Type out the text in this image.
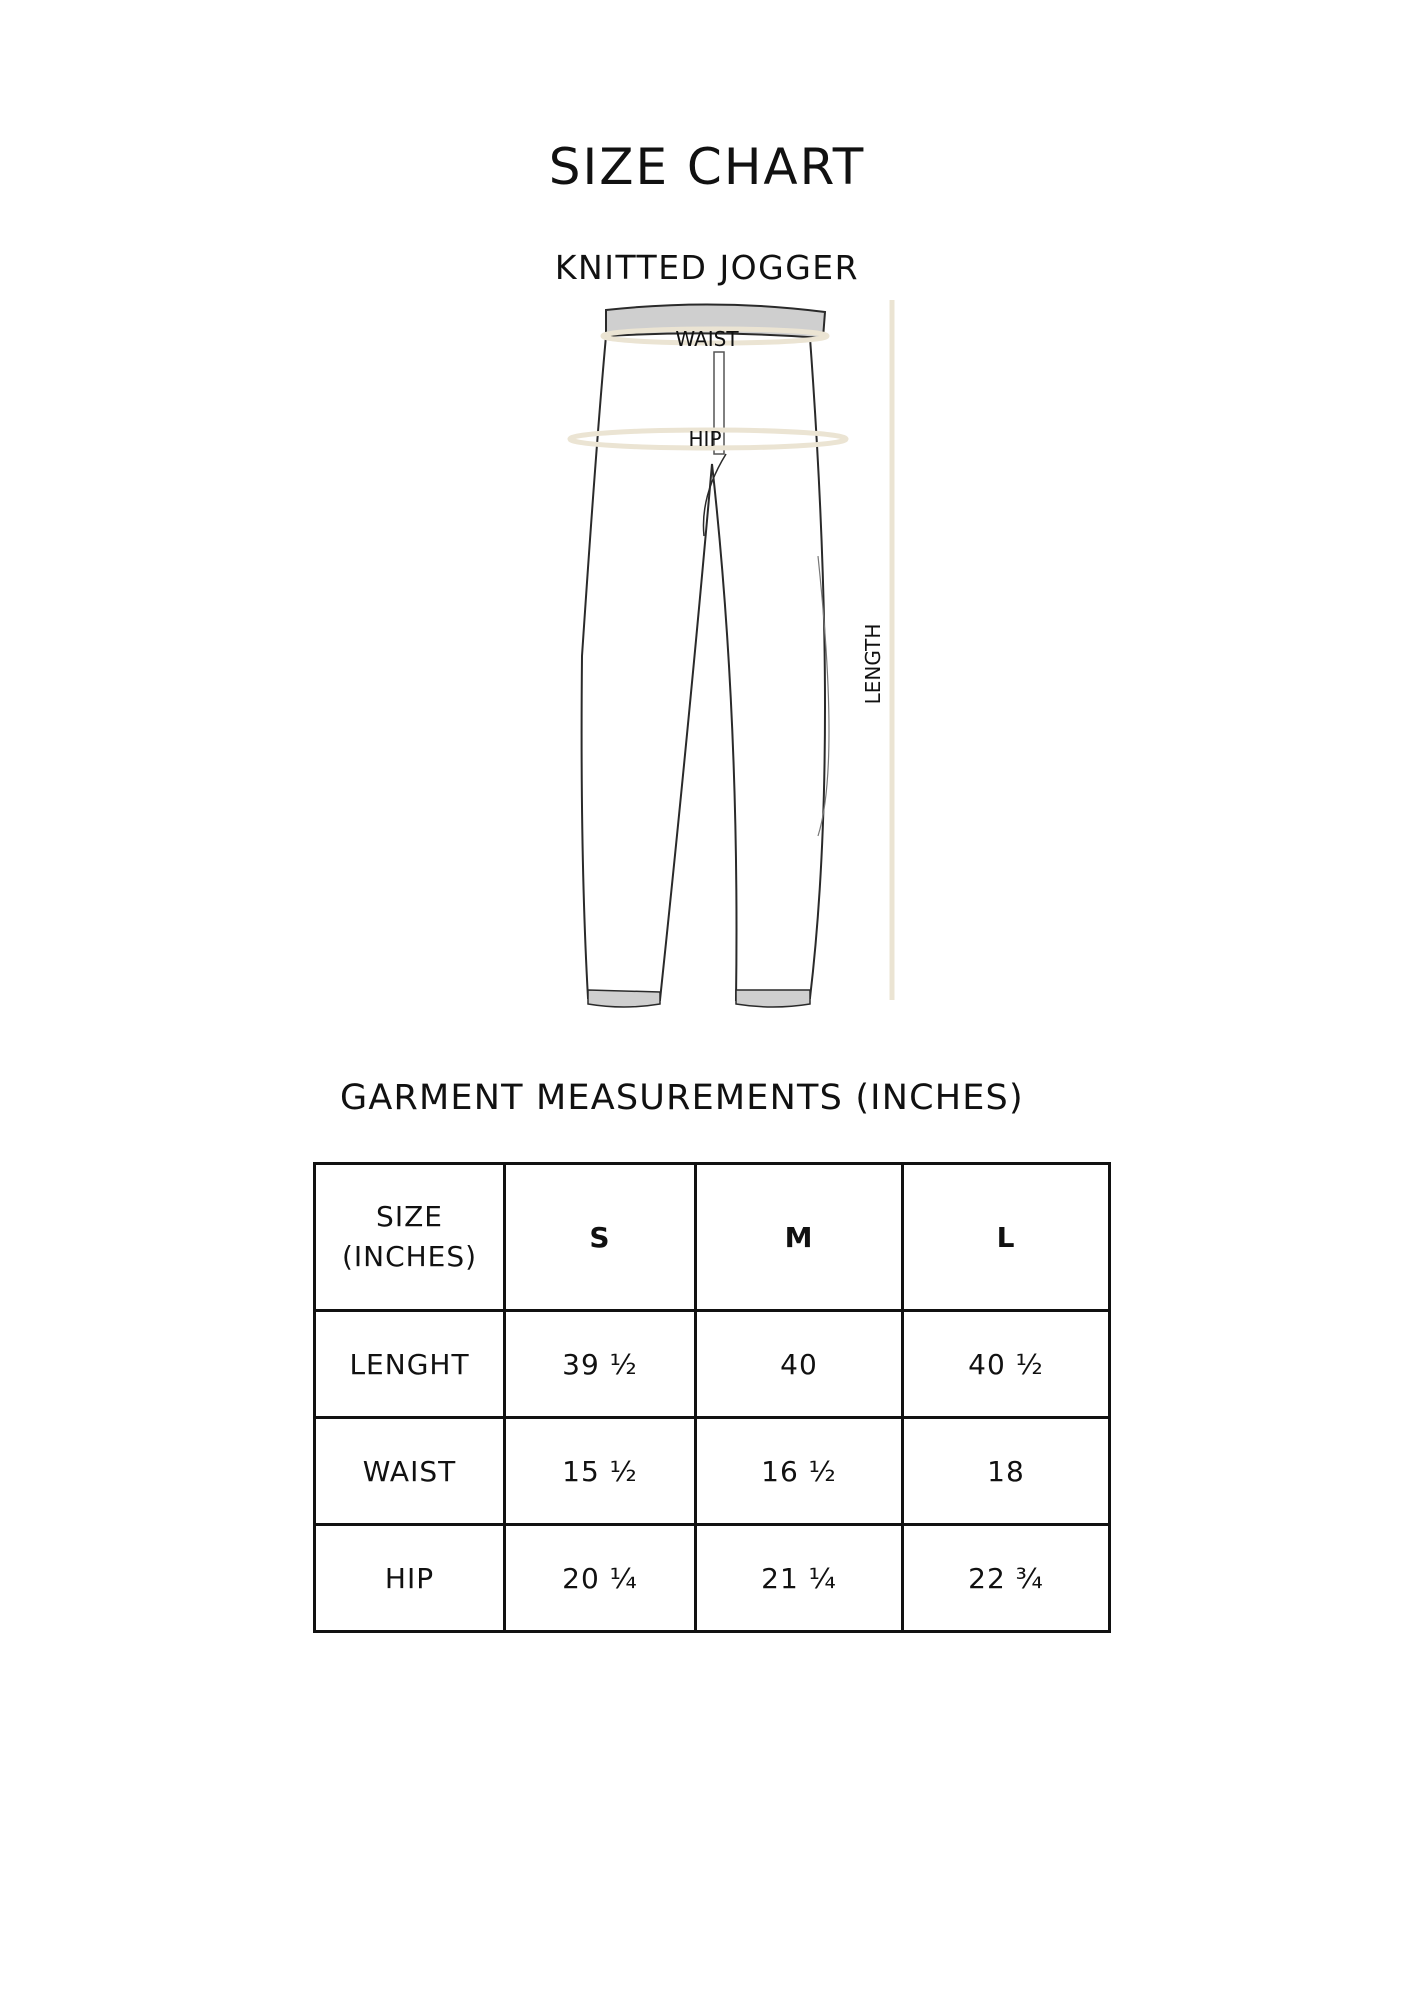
SIZE CHART
KNITTED JOGGER
WAIST
HIP
LENGTH
GARMENT MEASUREMENTS (INCHES)
SIZE
(INCHES)	S	M	L
LENGHT	39 ½	40	40 ½
WAIST	15 ½	16 ½	18
HIP	20 ¼	21 ¼	22 ¾
